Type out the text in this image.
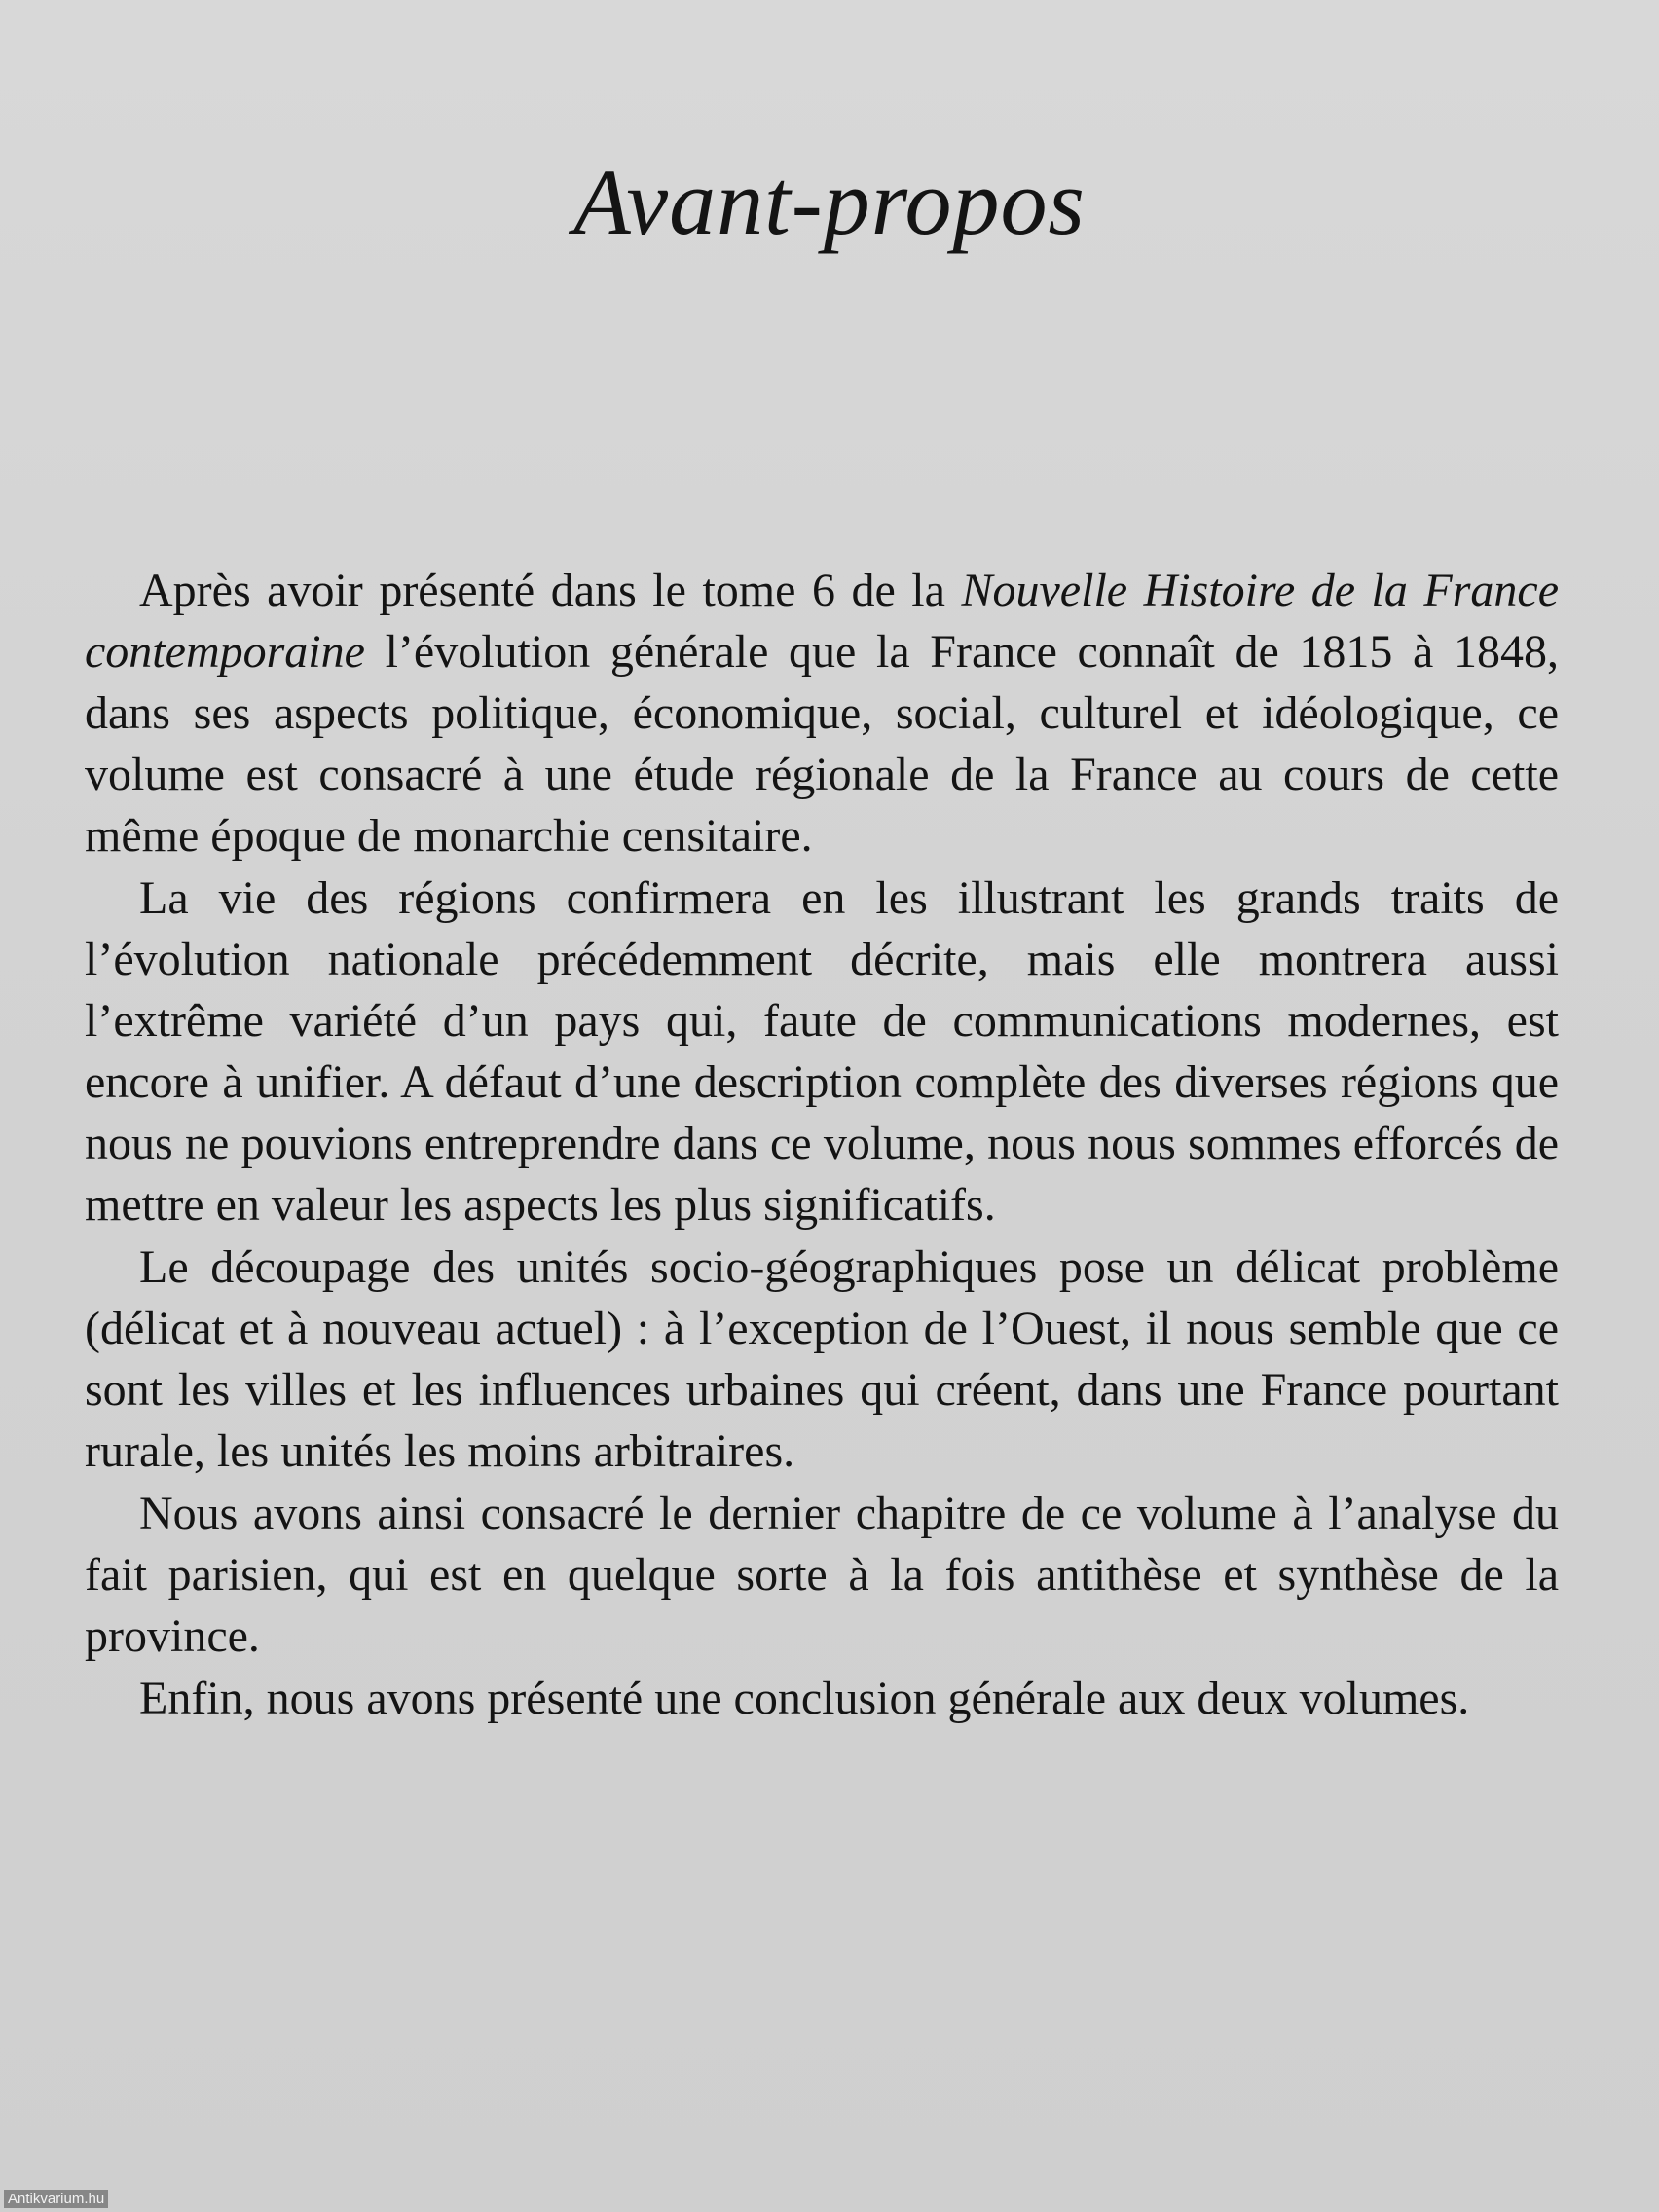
Avant-propos

Après avoir présenté dans le tome 6 de la Nouvelle Histoire de la France contemporaine l’évolution générale que la France connaît de 1815 à 1848, dans ses aspects politique, économique, social, culturel et idéologique, ce volume est consacré à une étude régionale de la France au cours de cette même époque de monarchie censitaire.

La vie des régions confirmera en les illustrant les grands traits de l’évolution nationale précédemment décrite, mais elle montrera aussi l’extrême variété d’un pays qui, faute de communications modernes, est encore à unifier. A défaut d’une description complète des diverses régions que nous ne pouvions entreprendre dans ce volume, nous nous sommes efforcés de mettre en valeur les aspects les plus significatifs.

Le découpage des unités socio-géographiques pose un délicat problème (délicat et à nouveau actuel) : à l’exception de l’Ouest, il nous semble que ce sont les villes et les influences urbaines qui créent, dans une France pourtant rurale, les unités les moins arbitraires.

Nous avons ainsi consacré le dernier chapitre de ce volume à l’analyse du fait parisien, qui est en quelque sorte à la fois antithèse et synthèse de la province.

Enfin, nous avons présenté une conclusion générale aux deux volumes.

Antikvarium.hu
